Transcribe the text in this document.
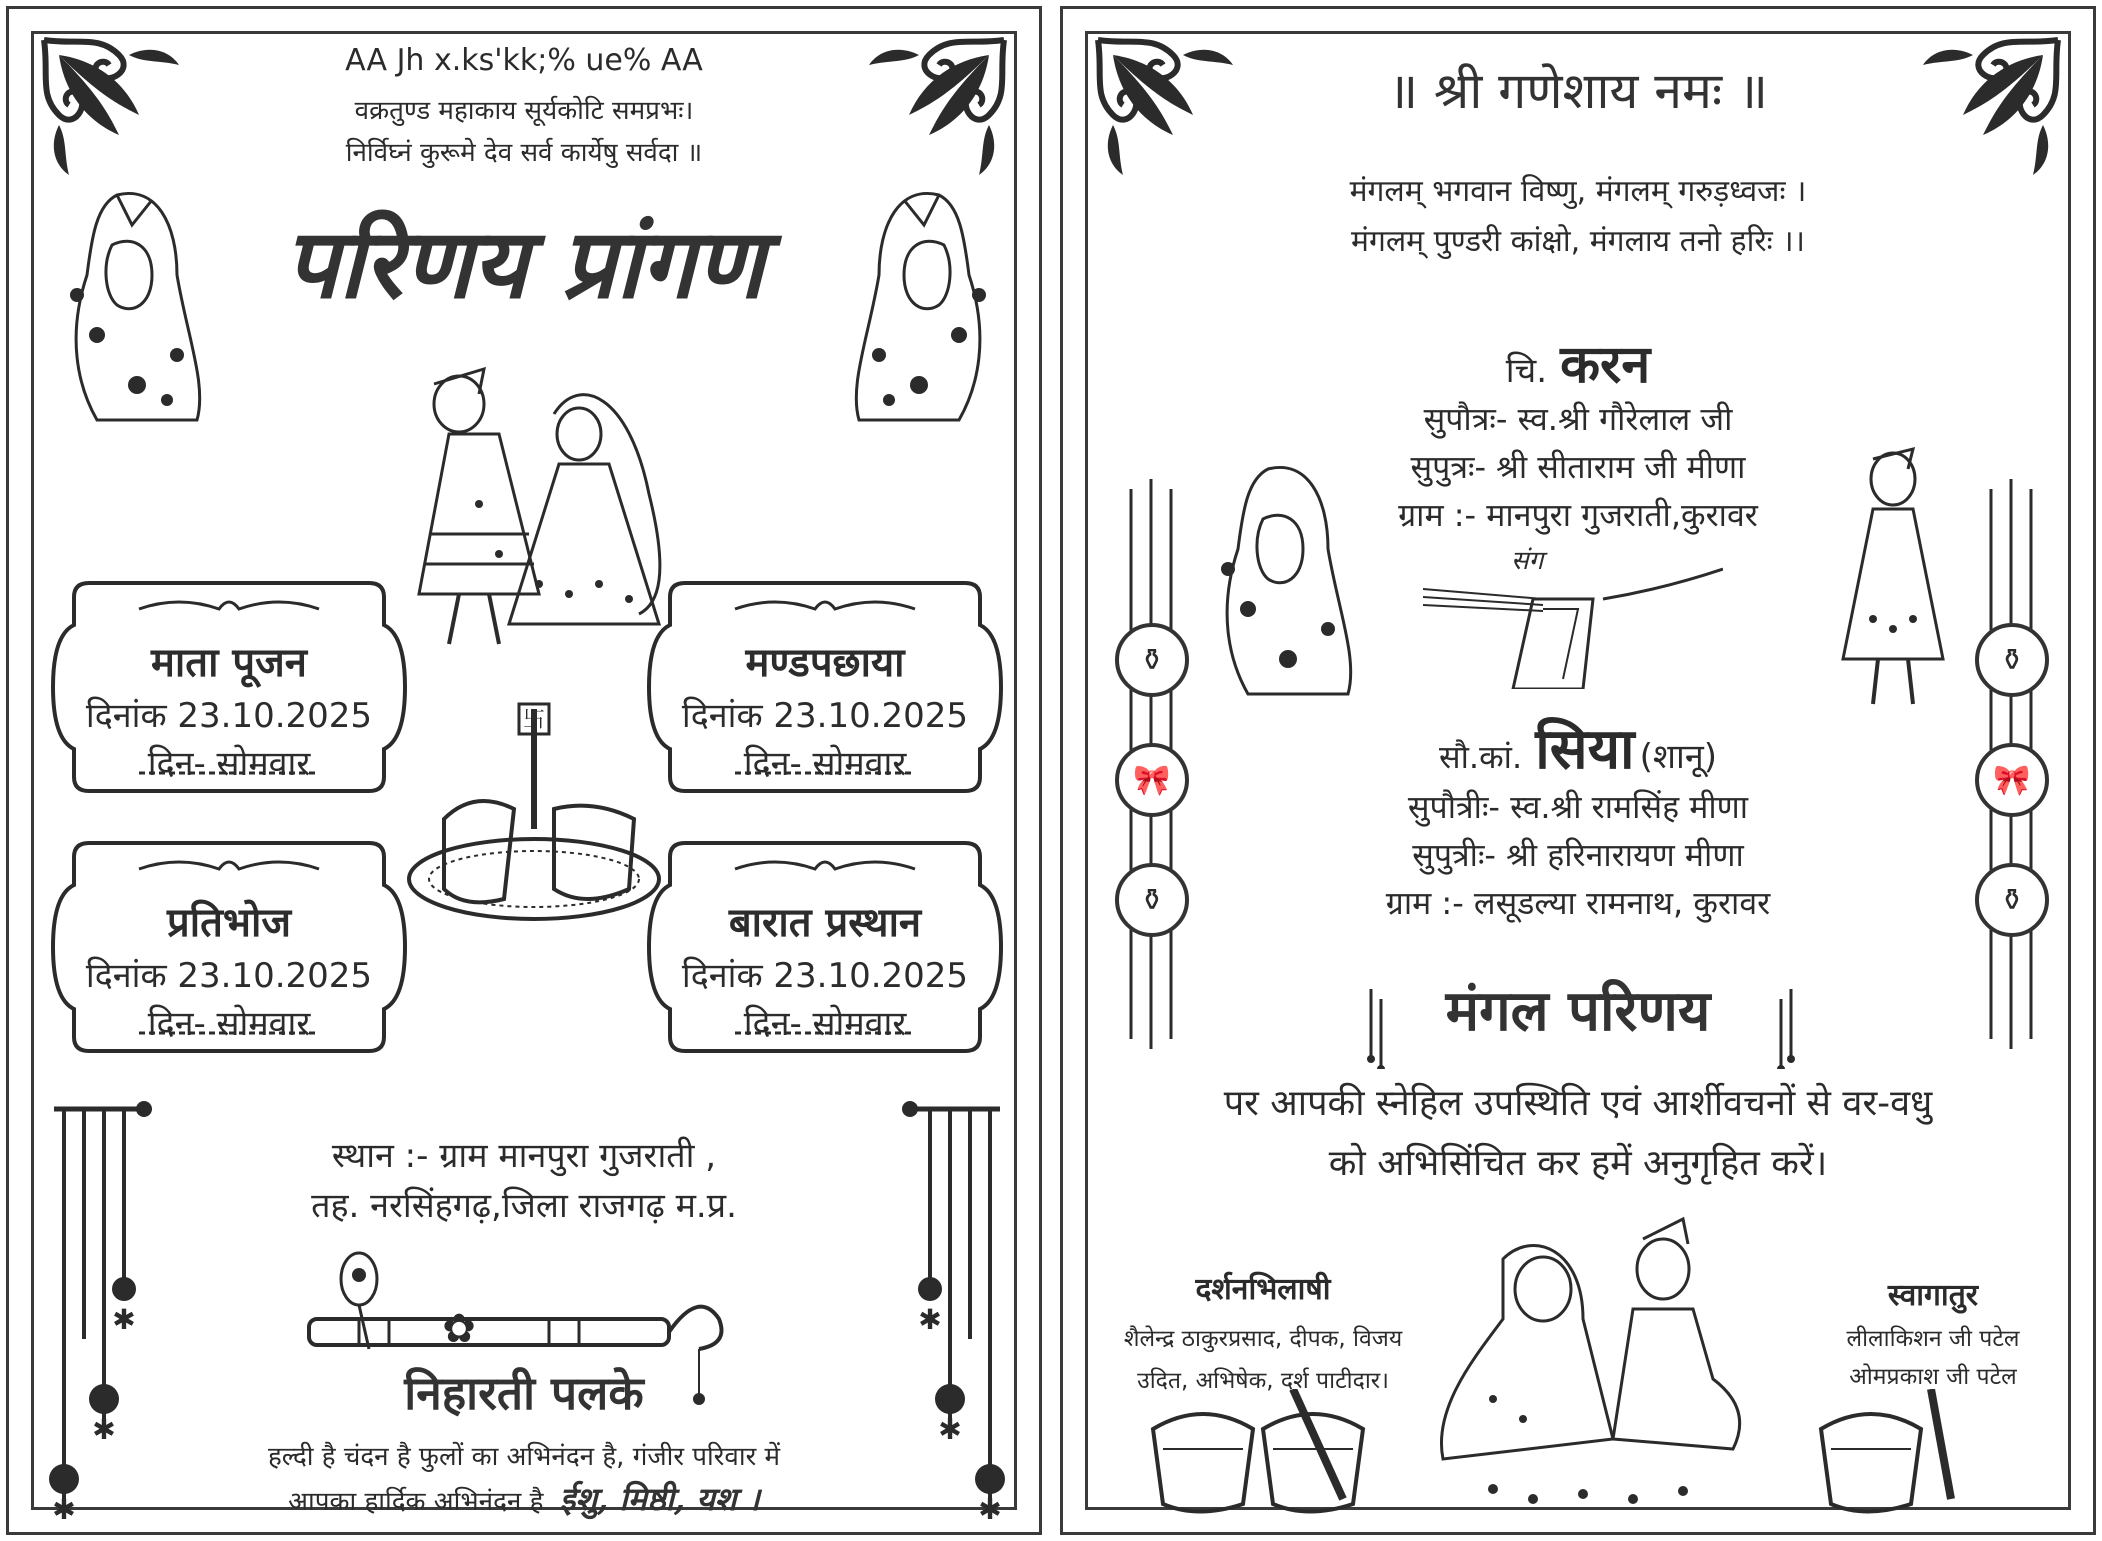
AA Jh x.ks'kk;% ue% AA
वक्रतुण्ड महाकाय सूर्यकोटि समप्रभः।
निर्विघ्नं कुरूमे देव सर्व कार्येषु सर्वदा ॥
परिणय प्रांगण
माता पूजन
दिनांक 23.10.2025
दिन- सोमवार
मण्डपछाया
दिनांक 23.10.2025
दिन- सोमवार
卐
प्रतिभोज
दिनांक 23.10.2025
दिन- सोमवार
बारात प्रस्थान
दिनांक 23.10.2025
दिन- सोमवार
✱
✱
✱
✱
✱
✱
स्थान :- ग्राम मानपुरा गुजराती ,
तह. नरसिंहगढ़,जिला राजगढ़ म.प्र.
✿
निहारती पलके
हल्दी है चंदन है फुलों का अभिनंदन है, गंजीर परिवार में
आपका हार्दिक अभिनंदन है ईशु, मिष्ठी, यश ।
॥ श्री गणेशाय नमः ॥
मंगलम् भगवान विष्णु, मंगलम् गरुड़ध्वजः ।
मंगलम् पुण्डरी कांक्षो, मंगलाय तनो हरिः ।।
चि. करन
सुपौत्रः- स्व.श्री गौरेलाल जी
सुपुत्रः- श्री सीताराम जी मीणा
ग्राम :- मानपुरा गुजराती,कुरावर
संग
⚱
🎀
⚱
⚱
🎀
⚱
सौ.कां. सिया (शानू)
सुपौत्रीः- स्व.श्री रामसिंह मीणा
सुपुत्रीः- श्री हरिनारायण मीणा
ग्राम :- लसूडल्या रामनाथ, कुरावर
मंगल परिणय
पर आपकी स्नेहिल उपस्थिति एवं आर्शीवचनों से वर-वधु
को अभिसिंचित कर हमें अनुगृहित करें।
दर्शनभिलाषी
शैलेन्द्र ठाकुरप्रसाद, दीपक, विजय
उदित, अभिषेक, दर्श पाटीदार।
स्वागातुर
लीलाकिशन जी पटेल
ओमप्रकाश जी पटेल
